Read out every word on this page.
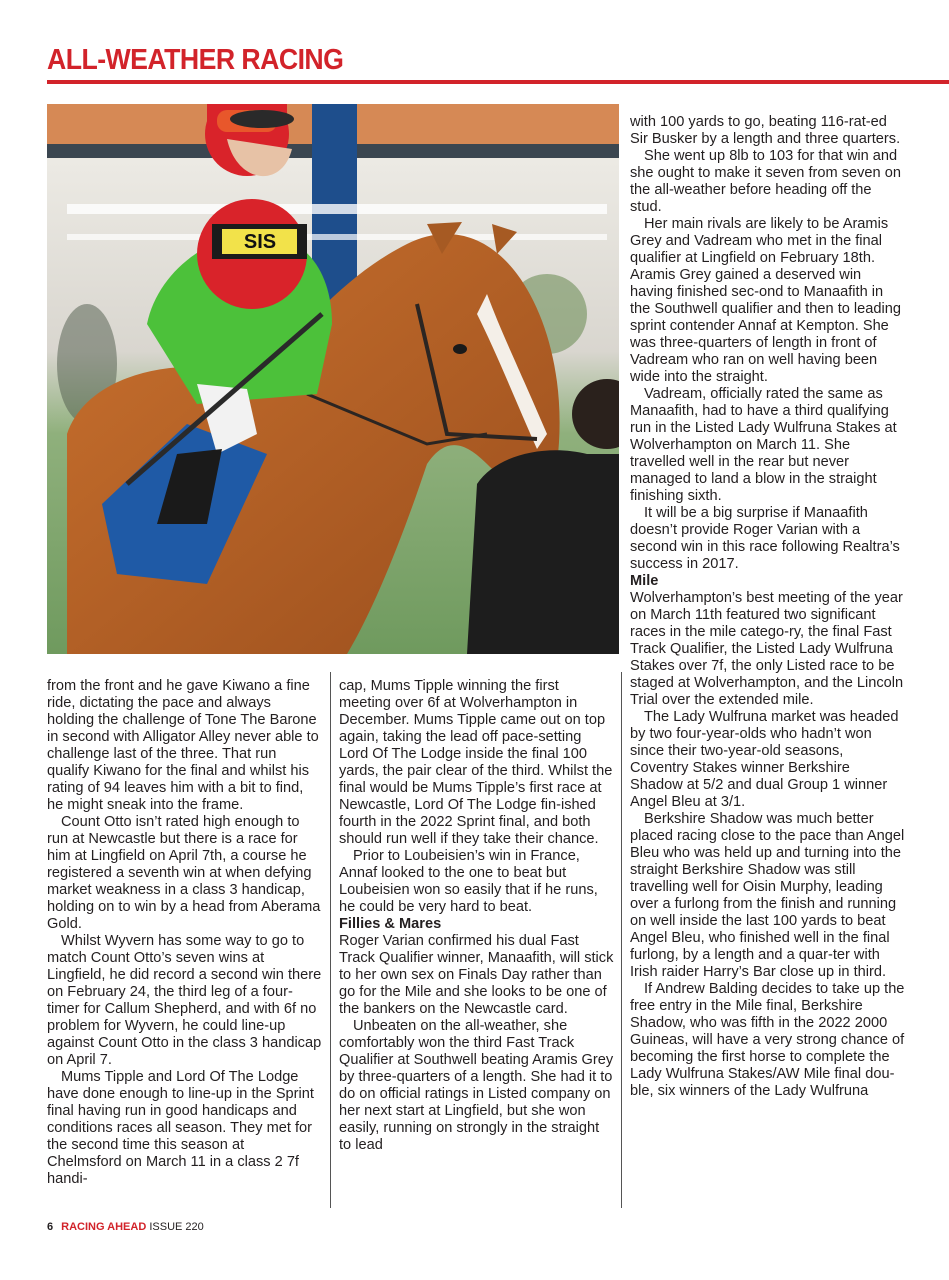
ALL-WEATHER RACING
SIS

from the front and he gave Kiwano a fine ride, dictating the pace and always holding the challenge of Tone The Barone in second with Alligator Alley never able to challenge last of the three. That run qualify Kiwano for the final and whilst his rating of 94 leaves him with a bit to find, he might sneak into the frame.

Count Otto isn’t rated high enough to run at Newcastle but there is a race for him at Lingfield on April 7th, a course he registered a seventh win at when defying market weakness in a class 3 handicap, holding on to win by a head from Aberama Gold.

Whilst Wyvern has some way to go to match Count Otto’s seven wins at Lingfield, he did record a second win there on February 24, the third leg of a four-timer for Callum Shepherd, and with 6f no problem for Wyvern, he could line-up against Count Otto in the class 3 handicap on April 7.

Mums Tipple and Lord Of The Lodge have done enough to line-up in the Sprint final having run in good handicaps and conditions races all season. They met for the second time this season at Chelmsford on March 11 in a class 2 7f handi-

cap, Mums Tipple winning the first meeting over 6f at Wolverhampton in December. Mums Tipple came out on top again, taking the lead off pace-setting Lord Of The Lodge inside the final 100 yards, the pair clear of the third. Whilst the final would be Mums Tipple’s first race at Newcastle, Lord Of The Lodge fin-ished fourth in the 2022 Sprint final, and both should run well if they take their chance.

Prior to Loubeisien’s win in France, Annaf looked to the one to beat but Loubeisien won so easily that if he runs, he could be very hard to beat.

Fillies & Mares

Roger Varian confirmed his dual Fast Track Qualifier winner, Manaafith, will stick to her own sex on Finals Day rather than go for the Mile and she looks to be one of the bankers on the Newcastle card.

Unbeaten on the all-weather, she comfortably won the third Fast Track Qualifier at Southwell beating Aramis Grey by three-quarters of a length. She had it to do on official ratings in Listed company on her next start at Lingfield, but she won easily, running on strongly in the straight to lead

with 100 yards to go, beating 116-rat-ed Sir Busker by a length and three quarters.

She went up 8lb to 103 for that win and she ought to make it seven from seven on the all-weather before heading off the stud.

Her main rivals are likely to be Aramis Grey and Vadream who met in the final qualifier at Lingfield on February 18th. Aramis Grey gained a deserved win having finished sec-ond to Manaafith in the Southwell qualifier and then to leading sprint contender Annaf at Kempton. She was three-quarters of length in front of Vadream who ran on well having been wide into the straight.

Vadream, officially rated the same as Manaafith, had to have a third qualifying run in the Listed Lady Wulfruna Stakes at Wolverhampton on March 11. She travelled well in the rear but never managed to land a blow in the straight finishing sixth.

It will be a big surprise if Manaafith doesn’t provide Roger Varian with a second win in this race following Realtra’s success in 2017.

Mile

Wolverhampton’s best meeting of the year on March 11th featured two significant races in the mile catego-ry, the final Fast Track Qualifier, the Listed Lady Wulfruna Stakes over 7f, the only Listed race to be staged at Wolverhampton, and the Lincoln Trial over the extended mile.

The Lady Wulfruna market was headed by two four-year-olds who hadn’t won since their two-year-old seasons, Coventry Stakes winner Berkshire Shadow at 5/2 and dual Group 1 winner Angel Bleu at 3/1.

Berkshire Shadow was much better placed racing close to the pace than Angel Bleu who was held up and turning into the straight Berkshire Shadow was still travelling well for Oisin Murphy, leading over a furlong from the finish and running on well inside the last 100 yards to beat Angel Bleu, who finished well in the final furlong, by a length and a quar-ter with Irish raider Harry’s Bar close up in third.

If Andrew Balding decides to take up the free entry in the Mile final, Berkshire Shadow, who was fifth in the 2022 2000 Guineas, will have a very strong chance of becoming the first horse to complete the Lady Wulfruna Stakes/AW Mile final dou-ble, six winners of the Lady Wulfruna

6 RACING AHEAD ISSUE 220
